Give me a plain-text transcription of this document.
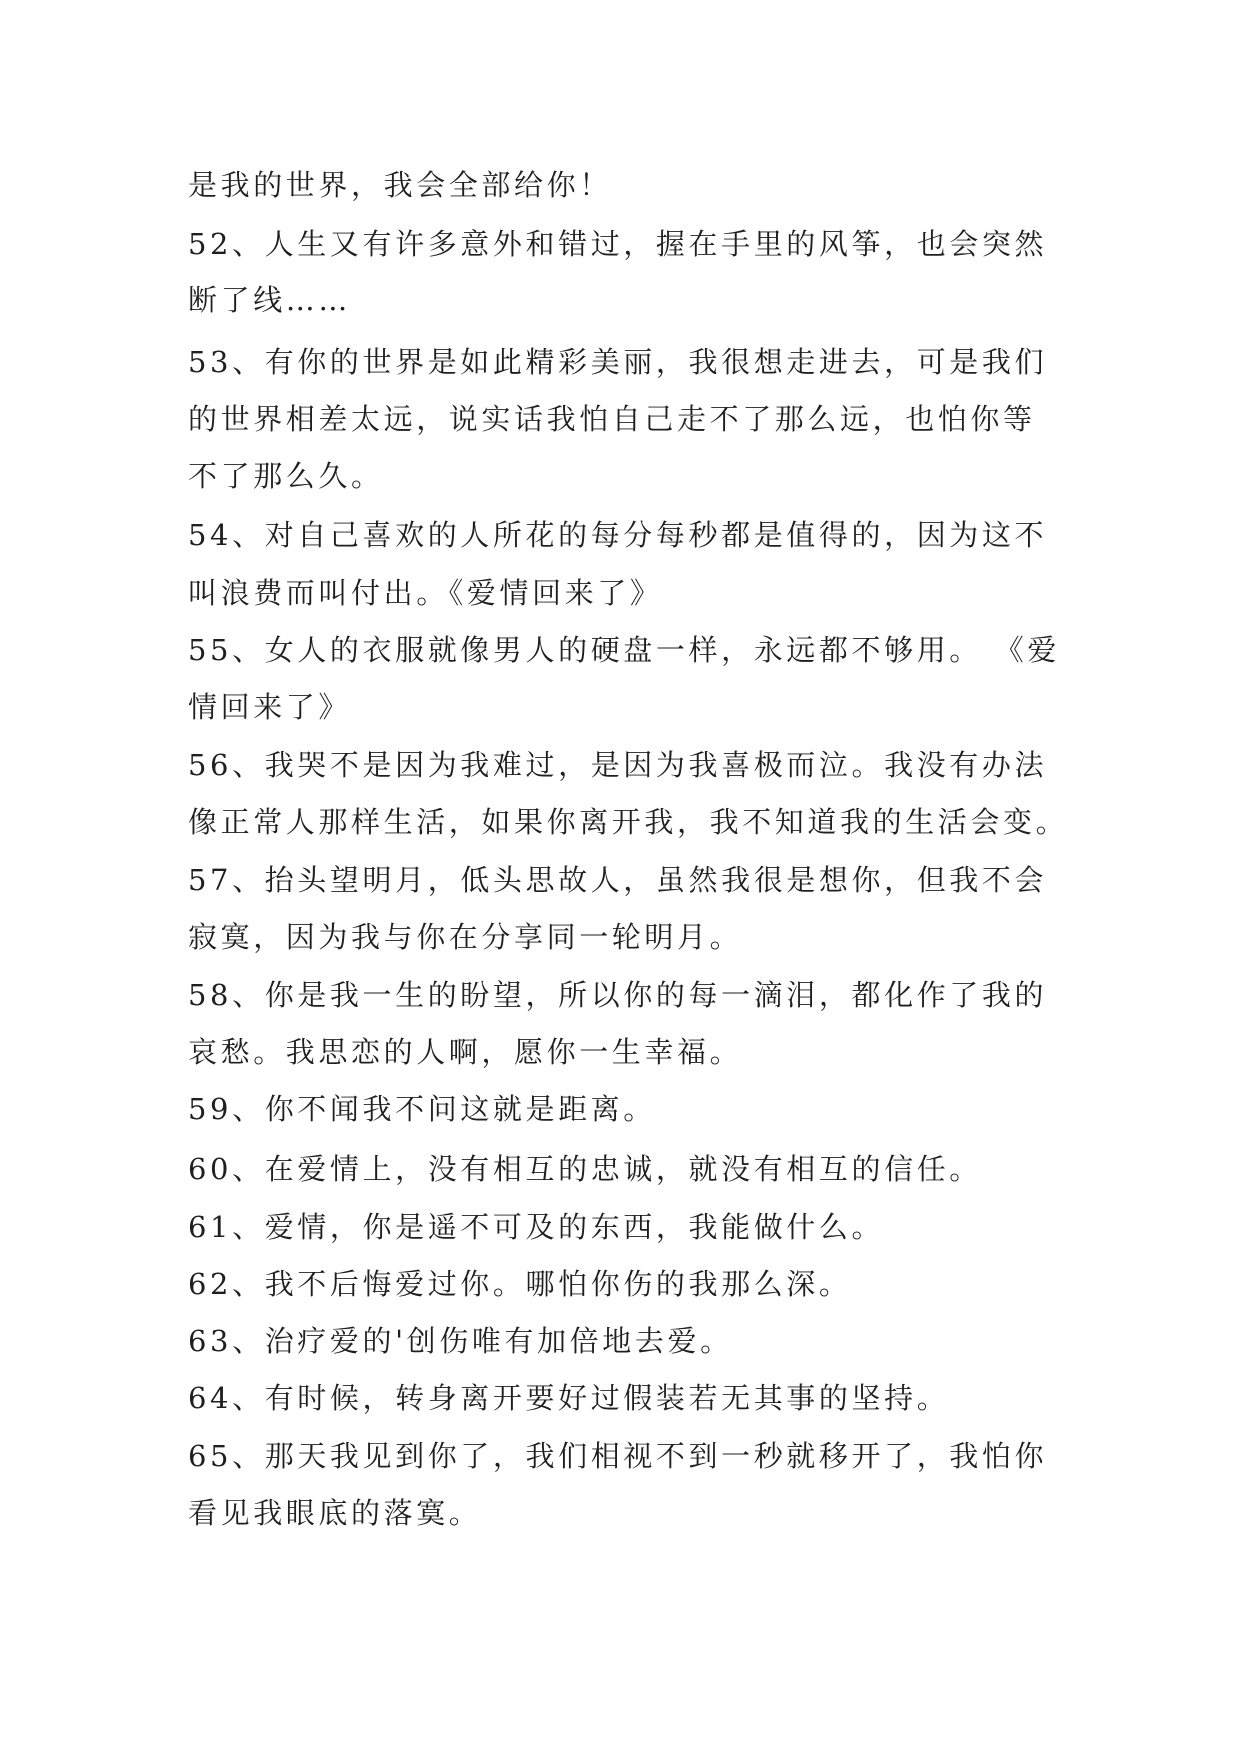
是我的世界，我会全部给你！
52、人生又有许多意外和错过，握在手里的风筝，也会突然
断了线……
53、有你的世界是如此精彩美丽，我很想走进去，可是我们
的世界相差太远，说实话我怕自己走不了那么远，也怕你等
不了那么久。
54、对自己喜欢的人所花的每分每秒都是值得的，因为这不
叫浪费而叫付出。《爱情回来了》
55、女人的衣服就像男人的硬盘一样，永远都不够用。 《爱
情回来了》
56、我哭不是因为我难过，是因为我喜极而泣。我没有办法
像正常人那样生活，如果你离开我，我不知道我的生活会变。
57、抬头望明月，低头思故人，虽然我很是想你，但我不会
寂寞，因为我与你在分享同一轮明月。
58、你是我一生的盼望，所以你的每一滴泪，都化作了我的
哀愁。我思恋的人啊，愿你一生幸福。
59、你不闻我不问这就是距离。
60、在爱情上，没有相互的忠诚，就没有相互的信任。
61、爱情，你是遥不可及的东西，我能做什么。
62、我不后悔爱过你。哪怕你伤的我那么深。
63、治疗爱的'创伤唯有加倍地去爱。
64、有时候，转身离开要好过假装若无其事的坚持。
65、那天我见到你了，我们相视不到一秒就移开了，我怕你
看见我眼底的落寞。
